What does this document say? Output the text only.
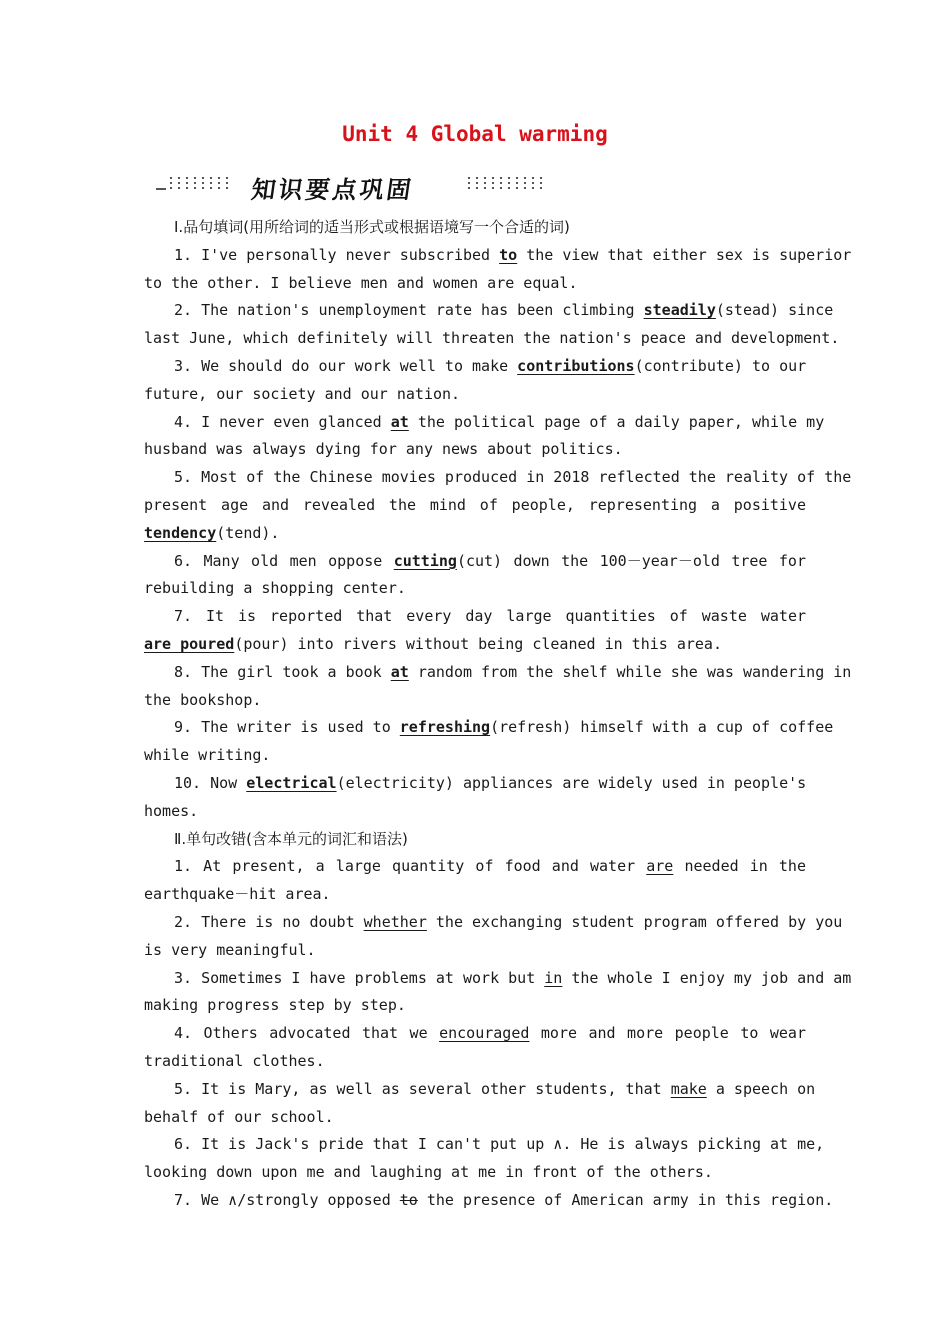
Unit 4 Global warming
知识要点巩固
Ⅰ.品句填词(用所给词的适当形式或根据语境写一个合适的词)
1. I've personally never subscribed to the view that either sex is superior
to the other. I believe men and women are equal.
2. The nation's unemployment rate has been climbing steadily(stead) since
last June, which definitely will threaten the nation's peace and development.
3. We should do our work well to make contributions(contribute) to our
future, our society and our nation.
4. I never even glanced at the political page of a daily paper, while my
husband was always dying for any news about politics.
5. Most of the Chinese movies produced in 2018 reflected the reality of the
present age and revealed the mind of people, representing a positive
tendency(tend).
6. Many old men oppose cutting(cut) down the 100－year－old tree for
rebuilding a shopping center.
7. It is reported that every day large quantities of waste water
are poured(pour) into rivers without being cleaned in this area.
8. The girl took a book at random from the shelf while she was wandering in
the bookshop.
9. The writer is used to refreshing(refresh) himself with a cup of coffee
while writing.
10. Now electrical(electricity) appliances are widely used in people's
homes.
Ⅱ.单句改错(含本单元的词汇和语法)
1. At present, a large quantity of food and water are needed in the
earthquake－hit area.
2. There is no doubt whether the exchanging student program offered by you
is very meaningful.
3. Sometimes I have problems at work but in the whole I enjoy my job and am
making progress step by step.
4. Others advocated that we encouraged more and more people to wear
traditional clothes.
5. It is Mary, as well as several other students, that make a speech on
behalf of our school.
6. It is Jack's pride that I can't put up ∧. He is always picking at me,
looking down upon me and laughing at me in front of the others.
7. We ∧/strongly opposed to the presence of American army in this region.
